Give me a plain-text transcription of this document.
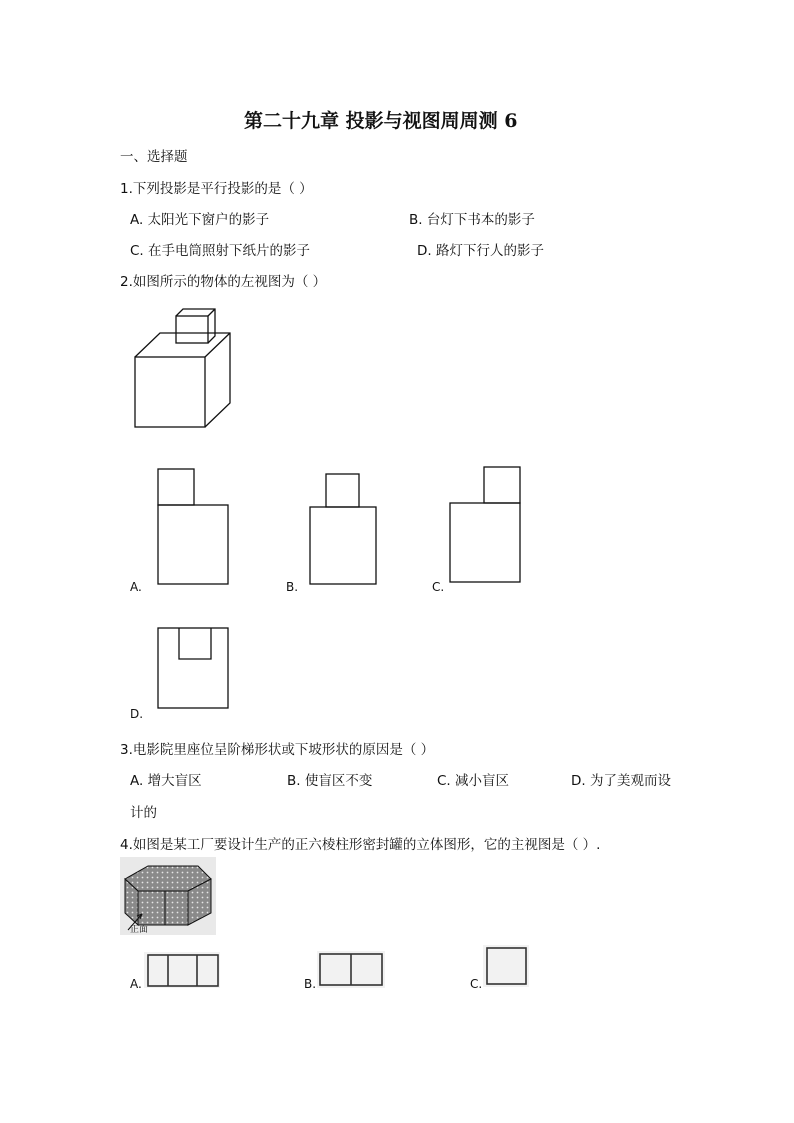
第二十九章 投影与视图周周测 6
一、选择题
1.下列投影是平行投影的是（ ）
A. 太阳光下窗户的影子	B. 台灯下书本的影子
C. 在手电筒照射下纸片的影子	D. 路灯下行人的影子
2.如图所示的物体的左视图为（ ）
A.	B.	C.
D.
3.电影院里座位呈阶梯形状或下坡形状的原因是（ ）
A. 增大盲区	B. 使盲区不变	C. 减小盲区	D. 为了美观而设
计的
4.如图是某工厂要设计生产的正六棱柱形密封罐的立体图形，它的主视图是（ ）.
正面
A.	B.	C.
